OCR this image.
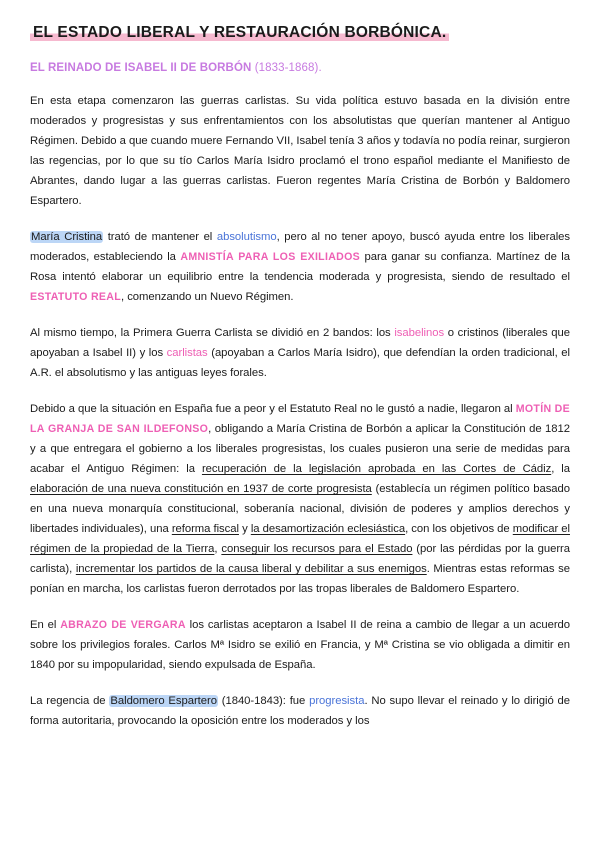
EL ESTADO LIBERAL Y RESTAURACIÓN BORBÓNICA.
EL REINADO DE ISABEL II DE BORBÓN (1833-1868).

En esta etapa comenzaron las guerras carlistas. Su vida política estuvo basada en la división entre moderados y progresistas y sus enfrentamientos con los absolutistas que querían mantener al Antiguo Régimen. Debido a que cuando muere Fernando VII, Isabel tenía 3 años y todavía no podía reinar, surgieron las regencias, por lo que su tío Carlos María Isidro proclamó el trono español mediante el Manifiesto de Abrantes, dando lugar a las guerras carlistas. Fueron regentes María Cristina de Borbón y Baldomero Espartero.

María Cristina trató de mantener el absolutismo, pero al no tener apoyo, buscó ayuda entre los liberales moderados, estableciendo la AMNISTÍA PARA LOS EXILIADOS para ganar su confianza. Martínez de la Rosa intentó elaborar un equilibrio entre la tendencia moderada y progresista, siendo de resultado el ESTATUTO REAL, comenzando un Nuevo Régimen.

Al mismo tiempo, la Primera Guerra Carlista se dividió en 2 bandos: los isabelinos o cristinos (liberales que apoyaban a Isabel II) y los carlistas (apoyaban a Carlos María Isidro), que defendían la orden tradicional, el A.R. el absolutismo y las antiguas leyes forales.

Debido a que la situación en España fue a peor y el Estatuto Real no le gustó a nadie, llegaron al MOTÍN DE LA GRANJA DE SAN ILDEFONSO, obligando a María Cristina de Borbón a aplicar la Constitución de 1812 y a que entregara el gobierno a los liberales progresistas, los cuales pusieron una serie de medidas para acabar el Antiguo Régimen: la recuperación de la legislación aprobada en las Cortes de Cádiz, la elaboración de una nueva constitución en 1937 de corte progresista (establecía un régimen político basado en una nueva monarquía constitucional, soberanía nacional, división de poderes y amplios derechos y libertades individuales), una reforma fiscal y la desamortización eclesiástica, con los objetivos de modificar el régimen de la propiedad de la Tierra, conseguir los recursos para el Estado (por las pérdidas por la guerra carlista), incrementar los partidos de la causa liberal y debilitar a sus enemigos. Mientras estas reformas se ponían en marcha, los carlistas fueron derrotados por las tropas liberales de Baldomero Espartero.

En el ABRAZO DE VERGARA los carlistas aceptaron a Isabel II de reina a cambio de llegar a un acuerdo sobre los privilegios forales. Carlos Mª Isidro se exilió en Francia, y Mª Cristina se vio obligada a dimitir en 1840 por su impopularidad, siendo expulsada de España.

La regencia de Baldomero Espartero (1840-1843): fue progresista. No supo llevar el reinado y lo dirigió de forma autoritaria, provocando la oposición entre los moderados y los
